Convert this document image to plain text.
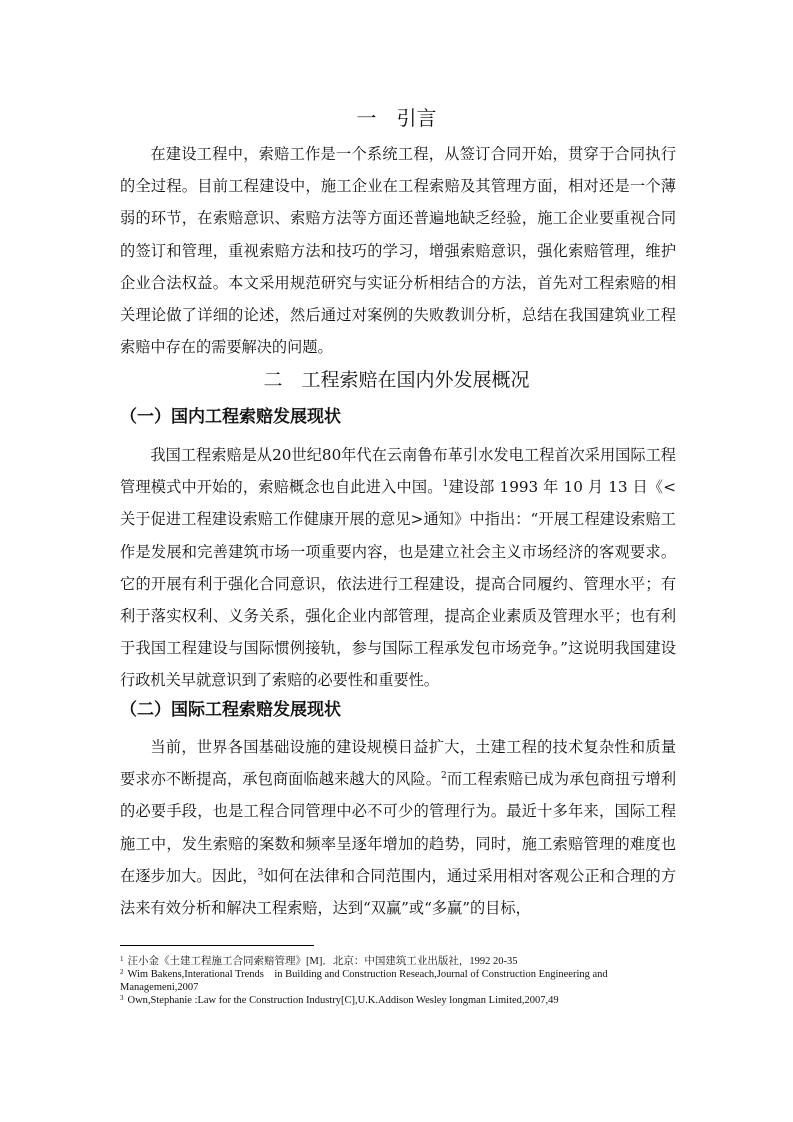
一　引言

在建设工程中，索赔工作是一个系统工程，从签订合同开始，贯穿于合同执行的全过程。目前工程建设中，施工企业在工程索赔及其管理方面，相对还是一个薄弱的环节，在索赔意识、索赔方法等方面还普遍地缺乏经验，施工企业要重视合同的签订和管理，重视索赔方法和技巧的学习，增强索赔意识，强化索赔管理，维护企业合法权益。本文采用规范研究与实证分析相结合的方法，首先对工程索赔的相关理论做了详细的论述，然后通过对案例的失败教训分析，总结在我国建筑业工程索赔中存在的需要解决的问题。

二　工程索赔在国内外发展概况
（一）国内工程索赔发展现状

我国工程索赔是从20世纪80年代在云南鲁布革引水发电工程首次采用国际工程管理模式中开始的，索赔概念也自此进入中国。$^1$建设部 1993 年 10 月 13 日《<关于促进工程建设索赔工作健康开展的意见>通知》中指出：“开展工程建设索赔工作是发展和完善建筑市场一项重要内容，也是建立社会主义市场经济的客观要求。它的开展有利于强化合同意识，依法进行工程建设，提高合同履约、管理水平；有利于落实权利、义务关系，强化企业内部管理，提高企业素质及管理水平；也有利于我国工程建设与国际惯例接轨，参与国际工程承发包市场竞争。”这说明我国建设行政机关早就意识到了索赔的必要性和重要性。

（二）国际工程索赔发展现状

当前，世界各国基础设施的建设规模日益扩大，土建工程的技术复杂性和质量要求亦不断提高，承包商面临越来越大的风险。$^2$而工程索赔已成为承包商扭亏增利的必要手段，也是工程合同管理中必不可少的管理行为。最近十多年来，国际工程施工中，发生索赔的案数和频率呈逐年增加的趋势，同时，施工索赔管理的难度也在逐步加大。因此，$^3$如何在法律和合同范围内，通过采用相对客观公正和合理的方法来有效分析和解决工程索赔，达到“双赢”或“多赢”的目标，

$^1$ 汪小金《土建工程施工合同索赔管理》[M]．北京：中国建筑工业出版社，1992 20-35

$^2$ Wim Bakens,Interational Trends　in Building and Construction Reseach,Journal of Construction Engineering and Managemeni,2007

$^3$ Own,Stephanie :Law for the Construction Industry[C],U.K.Addison Wesley longman Limited,2007,49
